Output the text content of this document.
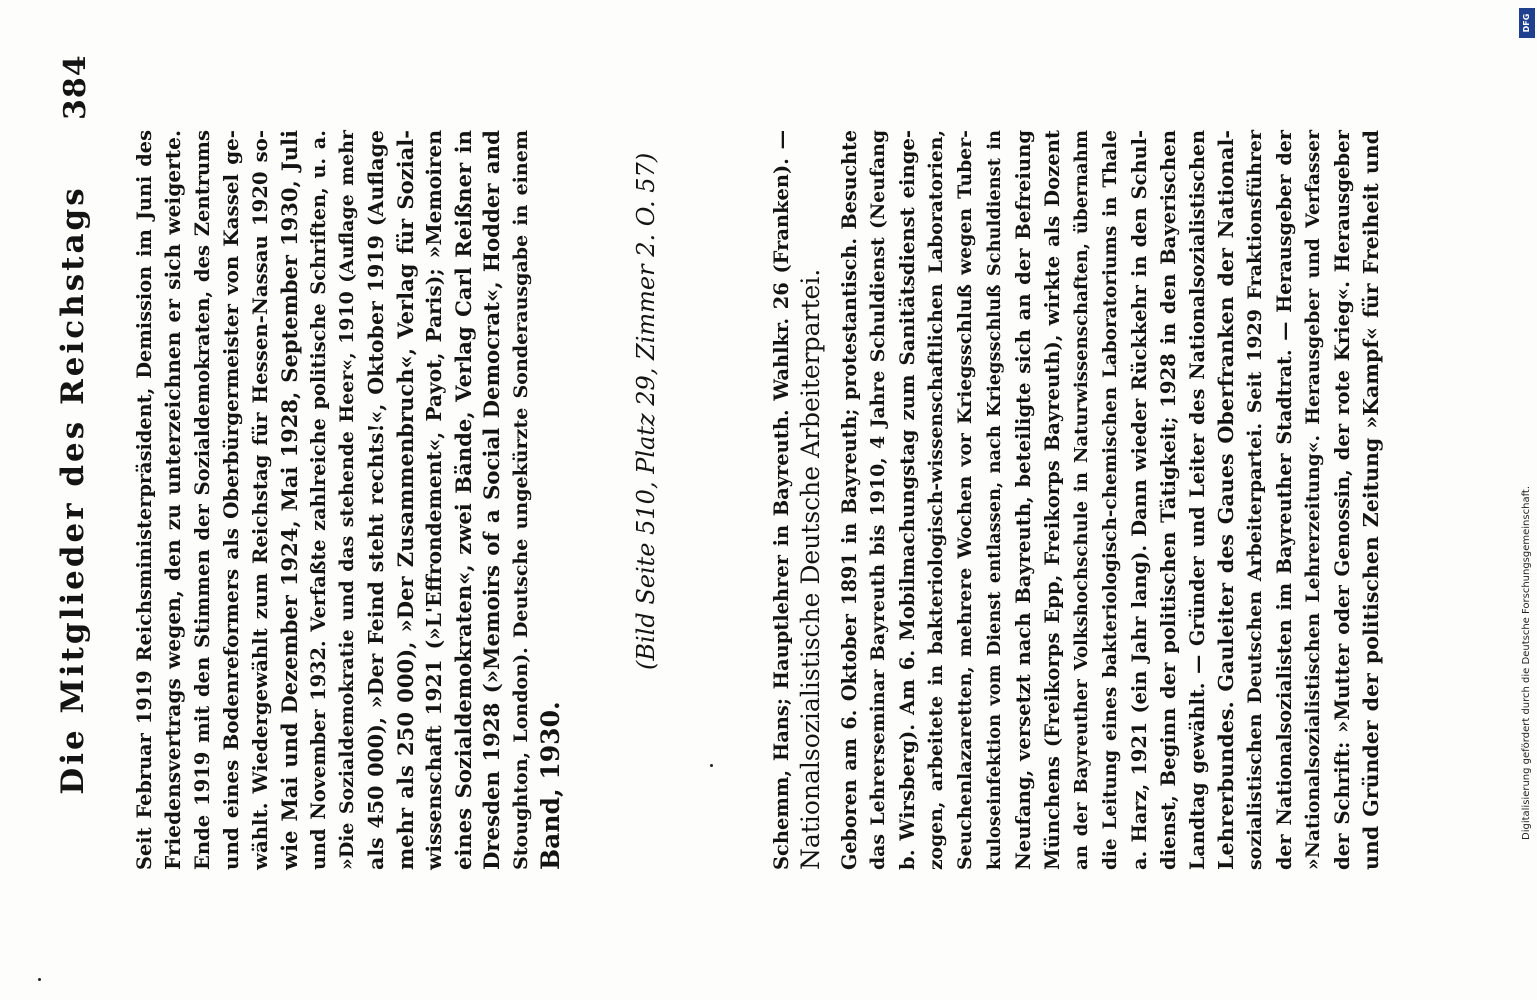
384
Die Mitglieder des Reichstags Seit Februar 1919 Reichsministerpräsident, Demission im Juni des Friedensvertrags wegen, den zu unterzeichnen er sich weigerte. Ende 1919 mit den Stimmen der Sozialdemokraten, des Zentrums und eines Bodenreformers als Oberbürgermeister von Kassel ge- wählt. Wiedergewählt zum Reichstag für Hessen-Nassau 1920 so- wie Mai und Dezember 1924, Mai 1928, September 1930, Juli und November 1932. Verfaßte zahlreiche politische Schriften, u. a. »Die Sozialdemokratie und das stehende Heer«, 1910 (Auflage mehr als 450 000), »Der Feind steht rechts!«, Oktober 1919 (Auflage mehr als 250 000), »Der Zusammenbruch«, Verlag für Sozial- wissenschaft 1921 (»L'Effrondement«, Payot, Paris); »Memoiren eines Sozialdemokraten«, zwei Bände, Verlag Carl Reißner in Dresden 1928 (»Memoirs of a Social Democrat«, Hodder and Stoughton, London). Deutsche ungekürzte Sonderausgabe in einem Band, 1930.
(Bild Seite 510, Platz 29, Zimmer 2. O. 57)	Schemm, Hans; Hauptlehrer in Bayreuth. Wahlkr. 26 (Franken). — Nationalsozialistische Deutsche Arbeiterpartei. Geboren am 6. Oktober 1891 in Bayreuth; protestantisch. Besuchte das Lehrerseminar Bayreuth bis 1910, 4 Jahre Schuldienst (Neufang b. Wirsberg). Am 6. Mobilmachungstag zum Sanitätsdienst einge- zogen, arbeitete in bakteriologisch-wissenschaftlichen Laboratorien, Seuchenlazaretten, mehrere Wochen vor Kriegsschluß wegen Tuber- kuloseinfektion vom Dienst entlassen, nach Kriegsschluß Schuldienst in Neufang, versetzt nach Bayreuth, beteiligte sich an der Befreiung Münchens (Freikorps Epp, Freikorps Bayreuth), wirkte als Dozent an der Bayreuther Volkshochschule in Naturwissenschaften, übernahm die Leitung eines bakteriologisch-chemischen Laboratoriums in Thale a. Harz, 1921 (ein Jahr lang). Dann wieder Rückkehr in den Schul- dienst, Beginn der politischen Tätigkeit; 1928 in den Bayerischen Landtag gewählt. — Gründer und Leiter des Nationalsozialistischen Lehrerbundes. Gauleiter des Gaues Oberfranken der National- sozialistischen Deutschen Arbeiterpartei. Seit 1929 Fraktionsführer der Nationalsozialisten im Bayreuther Stadtrat. — Herausgeber der »Nationalsozialistischen Lehrerzeitung«. Herausgeber und Verfasser der Schrift: »Mutter oder Genossin, der rote Krieg«. Herausgeber und Gründer der politischen Zeitung »Kampf« für Freiheit und
DFG
Digitalisierung gefördert durch die Deutsche Forschungsgemeinschaft.
